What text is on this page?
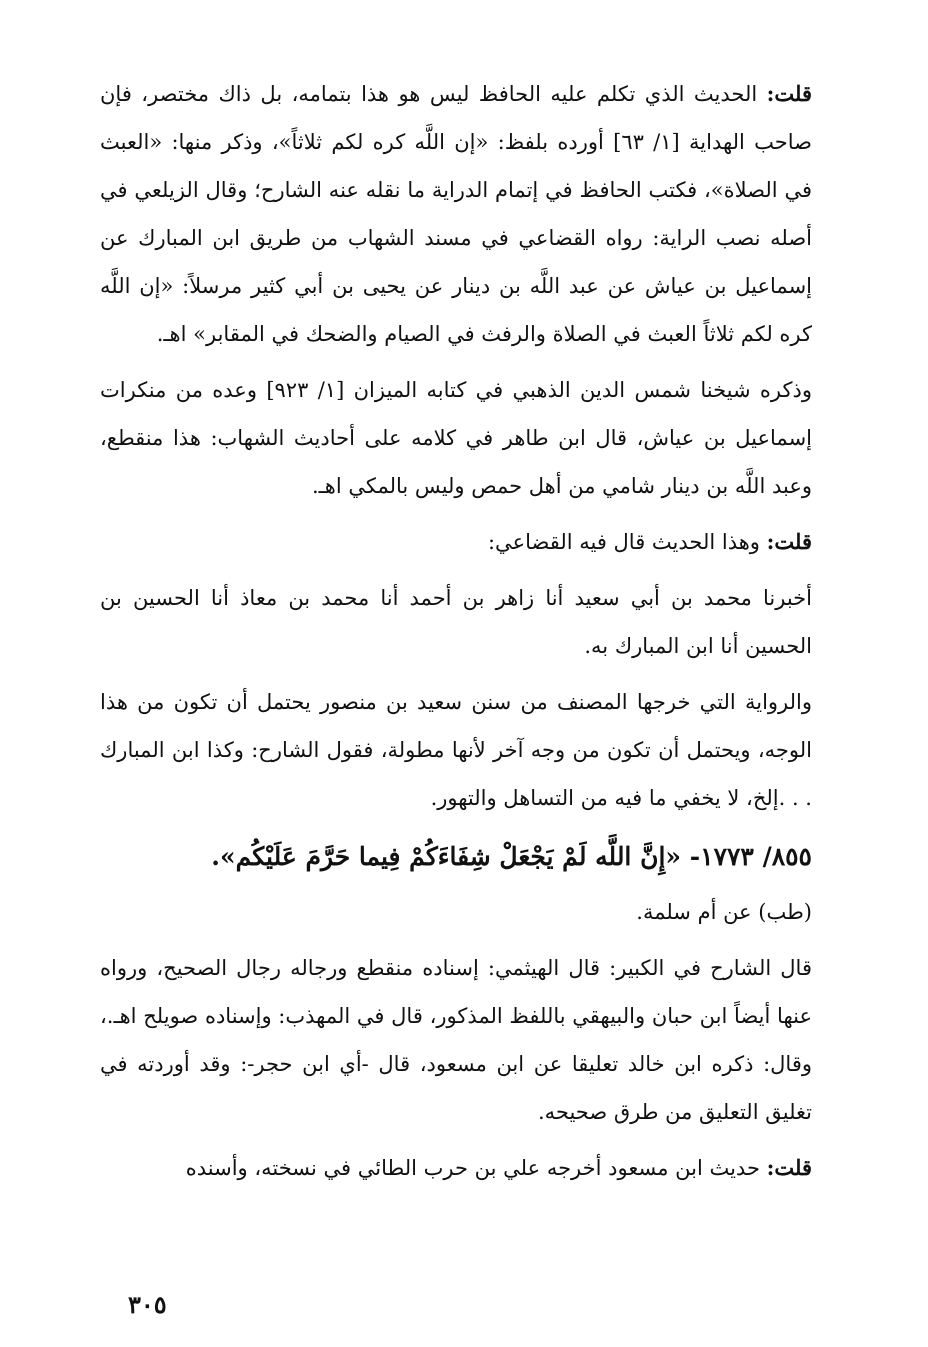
قلت: الحديث الذي تكلم عليه الحافظ ليس هو هذا بتمامه، بل ذاك مختصر، فإن صاحب الهداية [١/ ٦٣] أورده بلفظ: «إن اللَّه كره لكم ثلاثاً»، وذكر منها: «العبث في الصلاة»، فكتب الحافظ في إتمام الدراية ما نقله عنه الشارح؛ وقال الزيلعي في أصله نصب الراية: رواه القضاعي في مسند الشهاب من طريق ابن المبارك عن إسماعيل بن عياش عن عبد اللَّه بن دينار عن يحيى بن أبي كثير مرسلاً: «إن اللَّه كره لكم ثلاثاً العبث في الصلاة والرفث في الصيام والضحك في المقابر» اهـ.

وذكره شيخنا شمس الدين الذهبي في كتابه الميزان [١/ ٩٢٣] وعده من منكرات إسماعيل بن عياش، قال ابن طاهر في كلامه على أحاديث الشهاب: هذا منقطع، وعبد اللَّه بن دينار شامي من أهل حمص وليس بالمكي اهـ.

قلت: وهذا الحديث قال فيه القضاعي:

أخبرنا محمد بن أبي سعيد أنا زاهر بن أحمد أنا محمد بن معاذ أنا الحسين بن الحسين أنا ابن المبارك به.

والرواية التي خرجها المصنف من سنن سعيد بن منصور يحتمل أن تكون من هذا الوجه، ويحتمل أن تكون من وجه آخر لأنها مطولة، فقول الشارح: وكذا ابن المبارك . . .إلخ، لا يخفي ما فيه من التساهل والتهور.

٨٥٥/ ١٧٧٣- «إِنَّ اللَّه لَمْ يَجْعَلْ شِفَاءَكُمْ فِيما حَرَّمَ عَلَيْكُم».

(طب) عن أم سلمة.

قال الشارح في الكبير: قال الهيثمي: إسناده منقطع ورجاله رجال الصحيح، ورواه عنها أيضاً ابن حبان والبيهقي باللفظ المذكور، قال في المهذب: وإسناده صويلح اهـ.، وقال: ذكره ابن خالد تعليقا عن ابن مسعود، قال -أي ابن حجر-: وقد أوردته في تغليق التعليق من طرق صحيحه.

قلت: حديث ابن مسعود أخرجه علي بن حرب الطائي في نسخته، وأسنده

٣٠٥
